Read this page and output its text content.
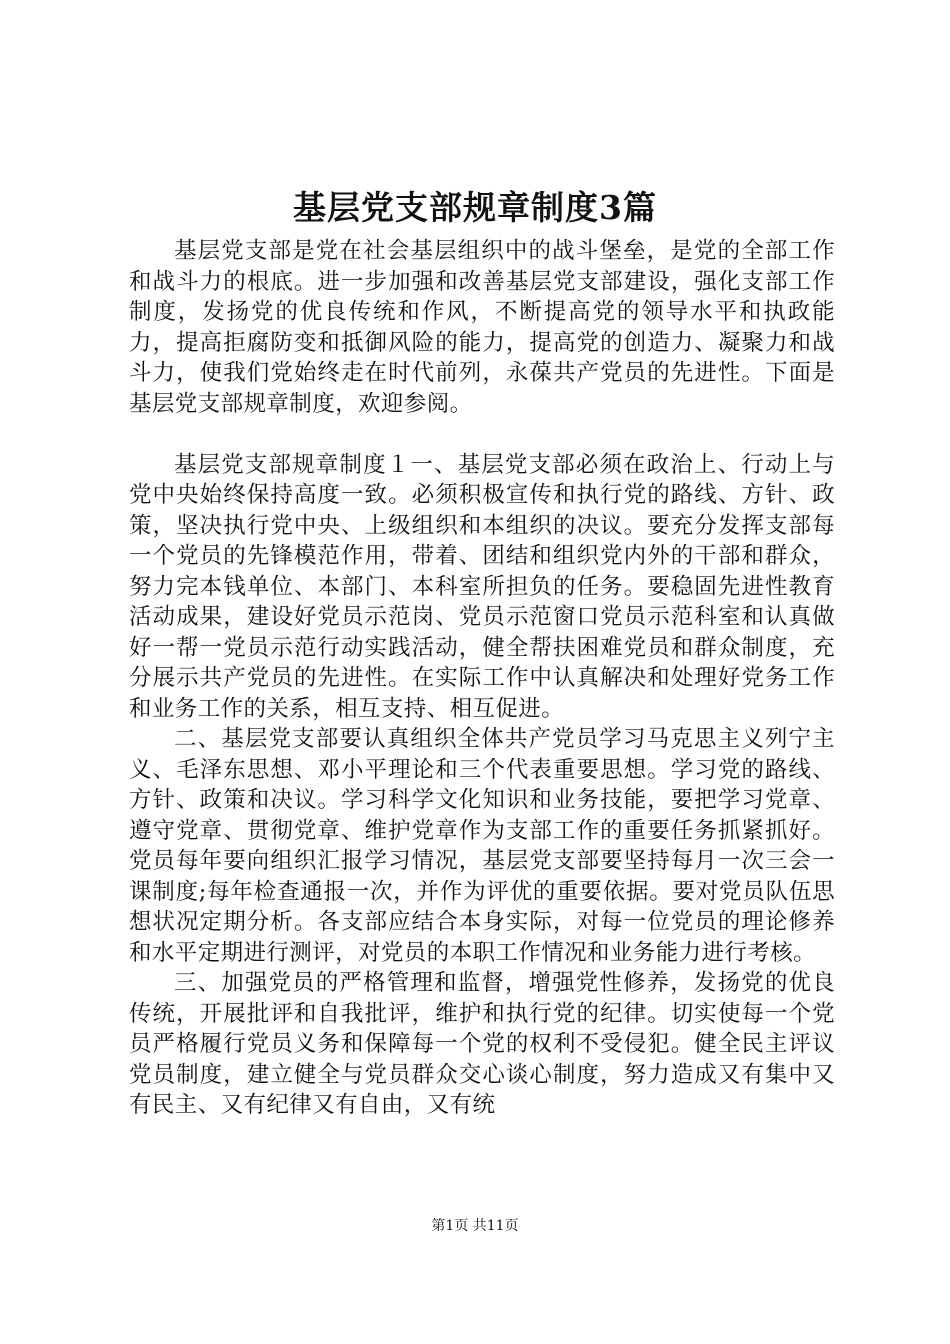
基层党支部规章制度3篇

基层党支部是党在社会基层组织中的战斗堡垒，是党的全部工作和战斗力的根底。进一步加强和改善基层党支部建设，强化支部工作制度，发扬党的优良传统和作风，不断提高党的领导水平和执政能力，提高拒腐防变和抵御风险的能力，提高党的创造力、凝聚力和战斗力，使我们党始终走在时代前列，永葆共产党员的先进性。下面是基层党支部规章制度，欢迎参阅。

基层党支部规章制度１一、基层党支部必须在政治上、行动上与党中央始终保持高度一致。必须积极宣传和执行党的路线、方针、政策，坚决执行党中央、上级组织和本组织的决议。要充分发挥支部每一个党员的先锋模范作用，带着、团结和组织党内外的干部和群众，努力完本钱单位、本部门、本科室所担负的任务。要稳固先进性教育活动成果，建设好党员示范岗、党员示范窗口党员示范科室和认真做好一帮一党员示范行动实践活动，健全帮扶困难党员和群众制度，充分展示共产党员的先进性。在实际工作中认真解决和处理好党务工作和业务工作的关系，相互支持、相互促进。

二、基层党支部要认真组织全体共产党员学习马克思主义列宁主义、毛泽东思想、邓小平理论和三个代表重要思想。学习党的路线、方针、政策和决议。学习科学文化知识和业务技能，要把学习党章、遵守党章、贯彻党章、维护党章作为支部工作的重要任务抓紧抓好。党员每年要向组织汇报学习情况，基层党支部要坚持每月一次三会一课制度;每年检查通报一次，并作为评优的重要依据。要对党员队伍思想状况定期分析。各支部应结合本身实际，对每一位党员的理论修养和水平定期进行测评，对党员的本职工作情况和业务能力进行考核。

三、加强党员的严格管理和监督，增强党性修养，发扬党的优良传统，开展批评和自我批评，维护和执行党的纪律。切实使每一个党员严格履行党员义务和保障每一个党的权利不受侵犯。健全民主评议党员制度，建立健全与党员群众交心谈心制度，努力造成又有集中又有民主、又有纪律又有自由，又有统

第1页 共11页
